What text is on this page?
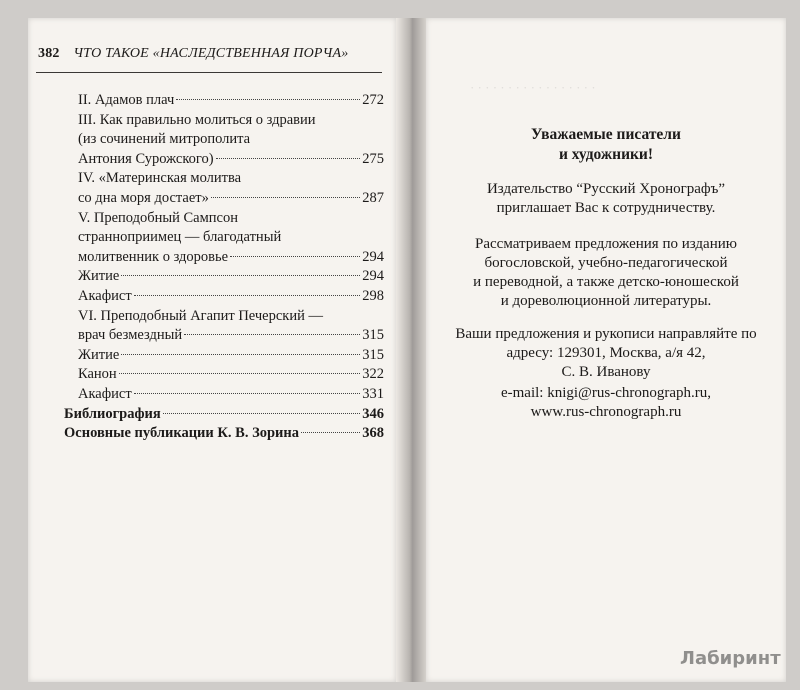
· · · · · · · · · · · · · · · · ·
382 ЧТО ТАКОЕ «НАСЛЕДСТВЕННАЯ ПОРЧА»
II. Адамов плач	272
III. Как правильно молиться о здравии
(из сочинений митрополита
Антония Сурожского)	275
IV. «Материнская молитва
со дна моря достает»	287
V. Преподобный Сампсон
странноприимец — благодатный
молитвенник о здоровье	294
Житие	294
Акафист	298
VI. Преподобный Агапит Печерский —
врач безмездный	315
Житие	315
Канон	322
Акафист	331
Библиография	346
Основные публикации К. В. Зорина	368
Уважаемые писатели
и художники!
Издательство “Русский Хронографъ”
приглашает Вас к сотрудничеству.
Рассматриваем предложения по изданию
богословской, учебно-педагогической
и переводной, а также детско-юношеской
и дореволюционной литературы.
Ваши предложения и рукописи направляйте по
адресу: 129301, Москва, а/я 42,
С. В. Иванову
e-mail: knigi@rus-chronograph.ru,
www.rus-chronograph.ru
Лабиринт
